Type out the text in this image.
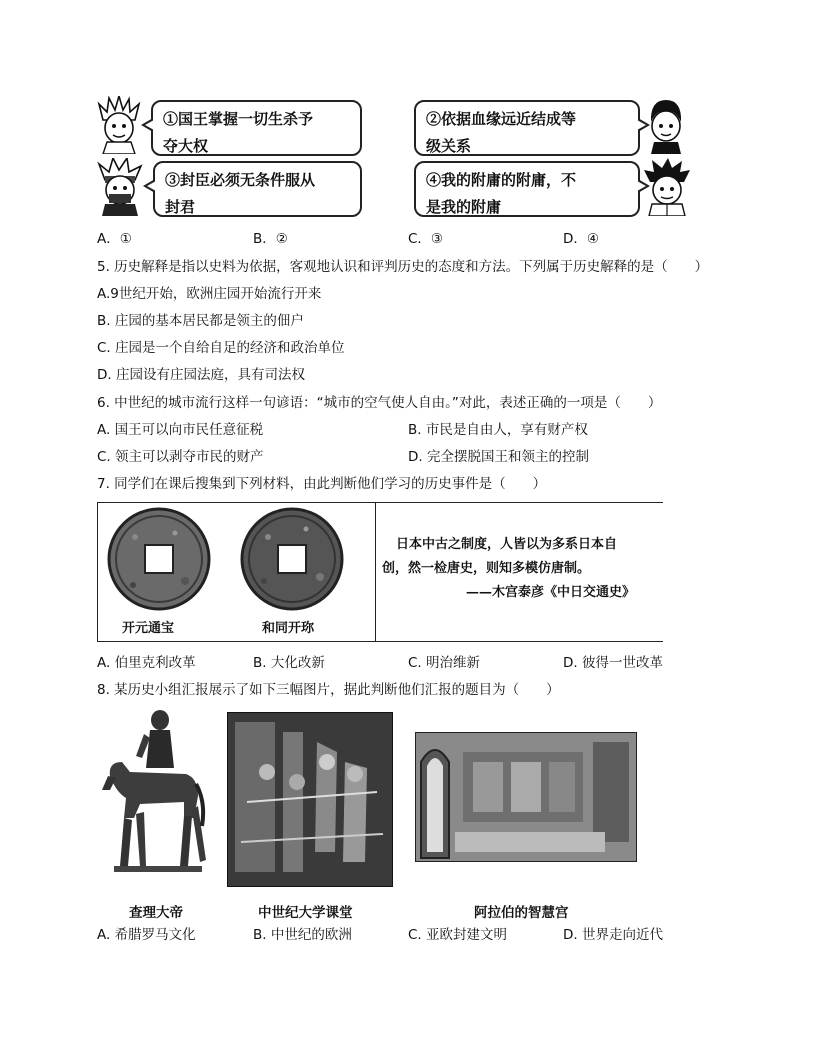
①国王掌握一切生杀予
夺大权
②依据血缘远近结成等
级关系
③封臣必须无条件服从
封君
④我的附庸的附庸，不
是我的附庸
A．①	B．②	C．③	D．④
5. 历史解释是指以史料为依据，客观地认识和评判历史的态度和方法。下列属于历史解释的是（　　）
A.9世纪开始，欧洲庄园开始流行开来
B. 庄园的基本居民都是领主的佃户
C. 庄园是一个自给自足的经济和政治单位
D. 庄园设有庄园法庭，具有司法权
6. 中世纪的城市流行这样一句谚语：“城市的空气使人自由。”对此，表述正确的一项是（　　）
A. 国王可以向市民任意征税	B. 市民是自由人，享有财产权
C. 领主可以剥夺市民的财产	D. 完全摆脱国王和领主的控制
7. 同学们在课后搜集到下列材料，由此判断他们学习的历史事件是（　　）
开元通宝	和同开珎
日本中古之制度，人皆以为多系日本自
创，然一检唐史，则知多模仿唐制。
——木宫泰彦《中日交通史》
A. 伯里克利改革	B. 大化改新	C. 明治维新	D. 彼得一世改革
8. 某历史小组汇报展示了如下三幅图片，据此判断他们汇报的题目为（　　）
查理大帝	中世纪大学课堂	阿拉伯的智慧宫
A. 希腊罗马文化	B. 中世纪的欧洲	C. 亚欧封建文明	D. 世界走向近代
